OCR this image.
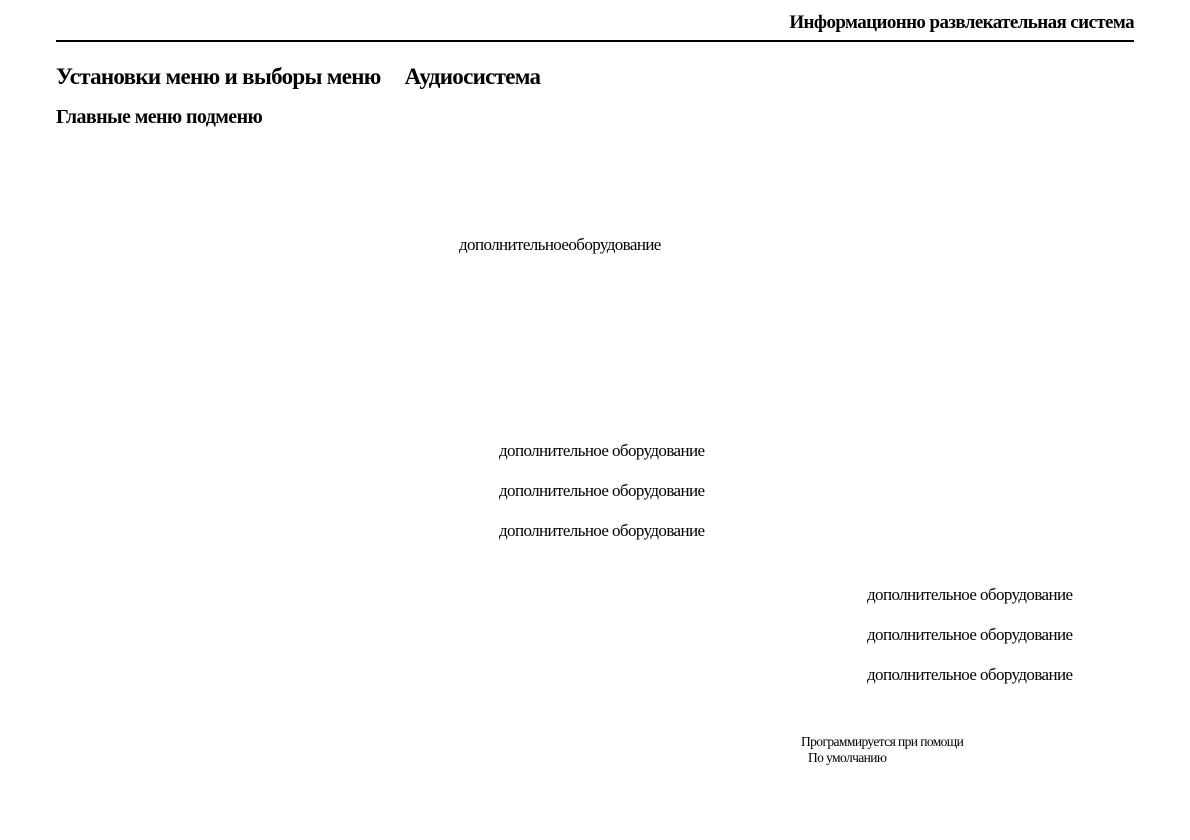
Информационно развлекательная система
Установки меню и выборы меню Аудиосистема
Главные меню подменю
дополнительноеоборудование
дополнительное оборудование
дополнительное оборудование
дополнительное оборудование
дополнительное оборудование
дополнительное оборудование
дополнительное оборудование
Программируется при помощи
По умолчанию
